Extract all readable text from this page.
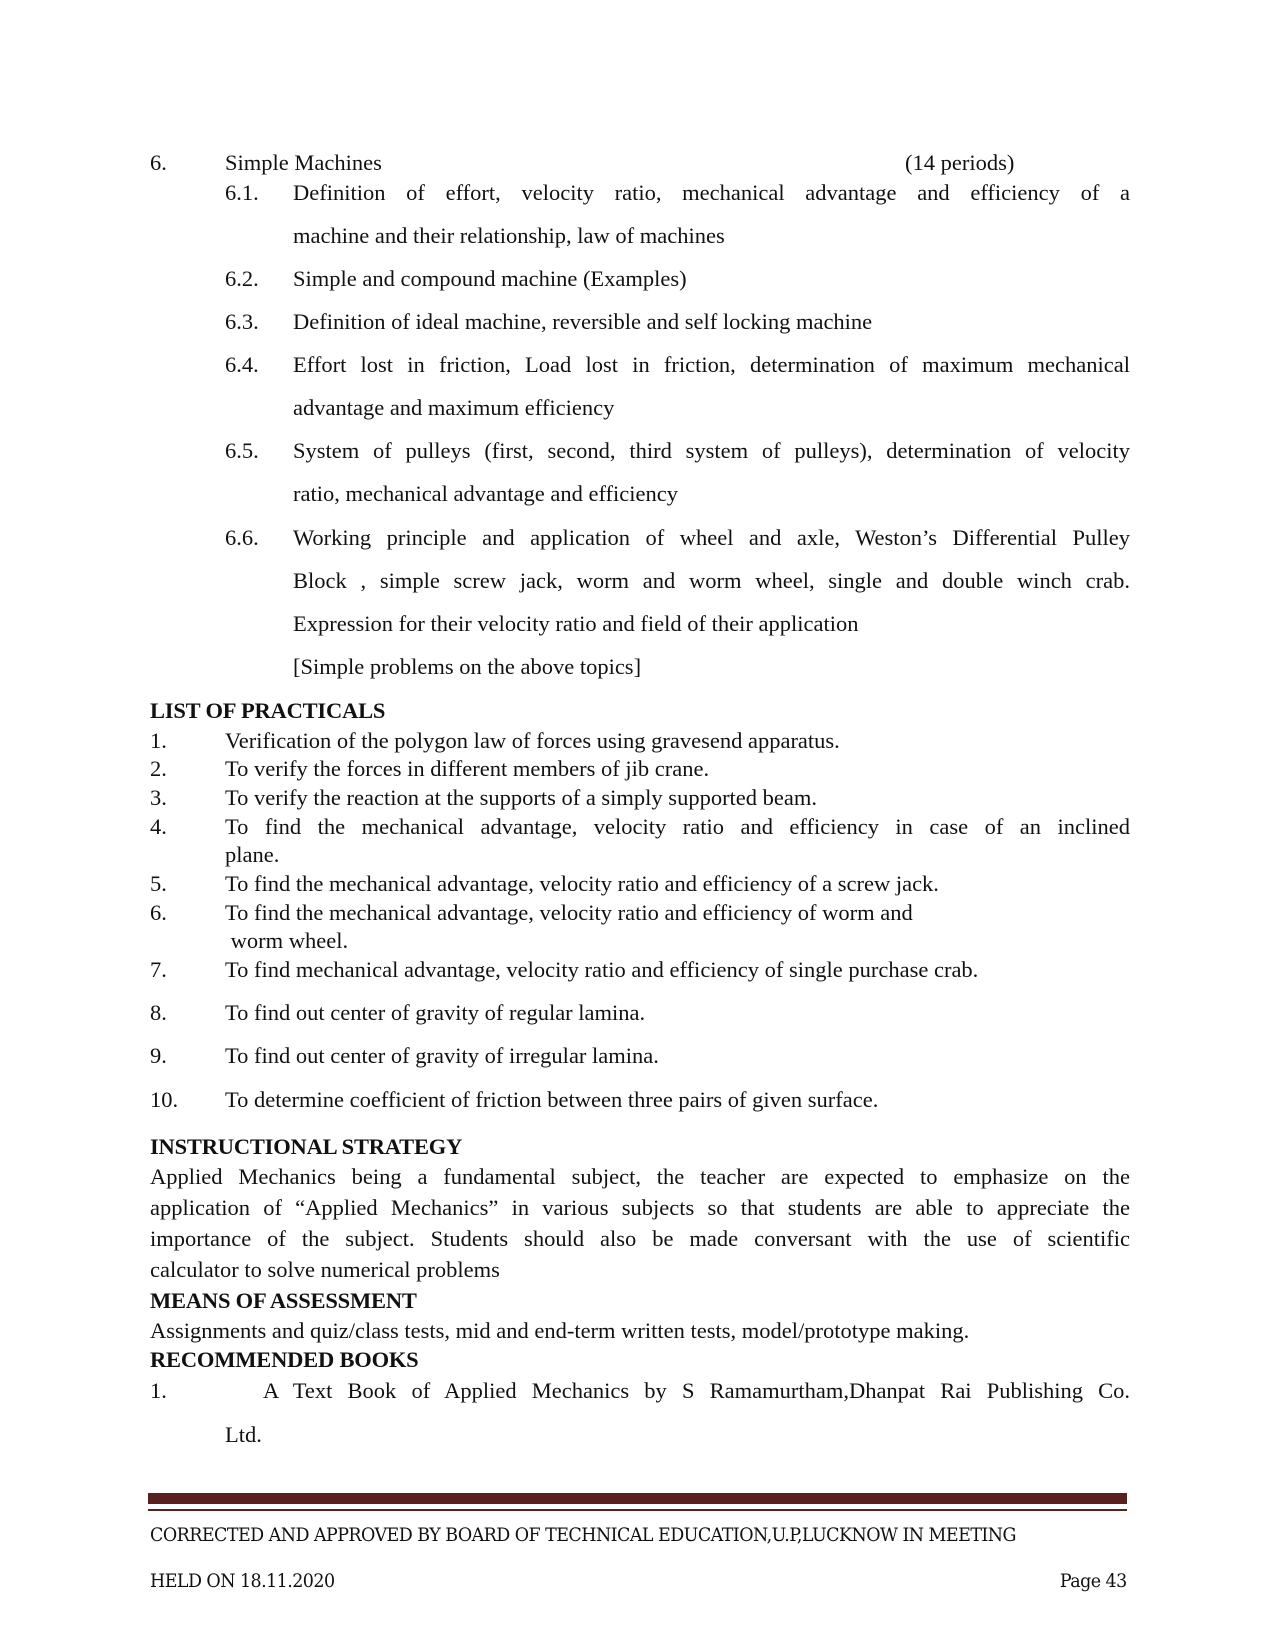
6.	Simple Machines	(14 periods)
6.1. Definition of effort, velocity ratio, mechanical advantage and efficiency of a
machine and their relationship, law of machines
6.2. Simple and compound machine (Examples)
6.3. Definition of ideal machine, reversible and self locking machine
6.4. Effort lost in friction, Load lost in friction, determination of maximum mechanical
advantage and maximum efficiency
6.5. System of pulleys (first, second, third system of pulleys), determination of velocity
ratio, mechanical advantage and efficiency
6.6. Working principle and application of wheel and axle, Weston’s Differential Pulley
Block , simple screw jack, worm and worm wheel, single and double winch crab.
Expression for their velocity ratio and field of their application
[Simple problems on the above topics]
LIST OF PRACTICALS
1.	Verification of the polygon law of forces using gravesend apparatus.
2.	To verify the forces in different members of jib crane.
3.	To verify the reaction at the supports of a simply supported beam.
4.	To find the mechanical advantage, velocity ratio and efficiency in case of an inclined
plane.
5.	To find the mechanical advantage, velocity ratio and efficiency of a screw jack.
6.	To find the mechanical advantage, velocity ratio and efficiency of worm and
worm wheel.
7.	To find mechanical advantage, velocity ratio and efficiency of single purchase crab.
8.	To find out center of gravity of regular lamina.
9.	To find out center of gravity of irregular lamina.
10. To determine coefficient of friction between three pairs of given surface.
INSTRUCTIONAL STRATEGY
Applied Mechanics being a fundamental subject, the teacher are expected to emphasize on the
application of “Applied Mechanics” in various subjects so that students are able to appreciate the
importance of the subject. Students should also be made conversant with the use of scientific
calculator to solve numerical problems
MEANS OF ASSESSMENT
Assignments and quiz/class tests, mid and end-term written tests, model/prototype making.
RECOMMENDED BOOKS
1.	A Text Book of Applied Mechanics by S Ramamurtham,Dhanpat Rai Publishing Co.
Ltd.
CORRECTED AND APPROVED BY BOARD OF TECHNICAL EDUCATION,U.P,LUCKNOW IN MEETING
HELD ON 18.11.2020	Page 43
